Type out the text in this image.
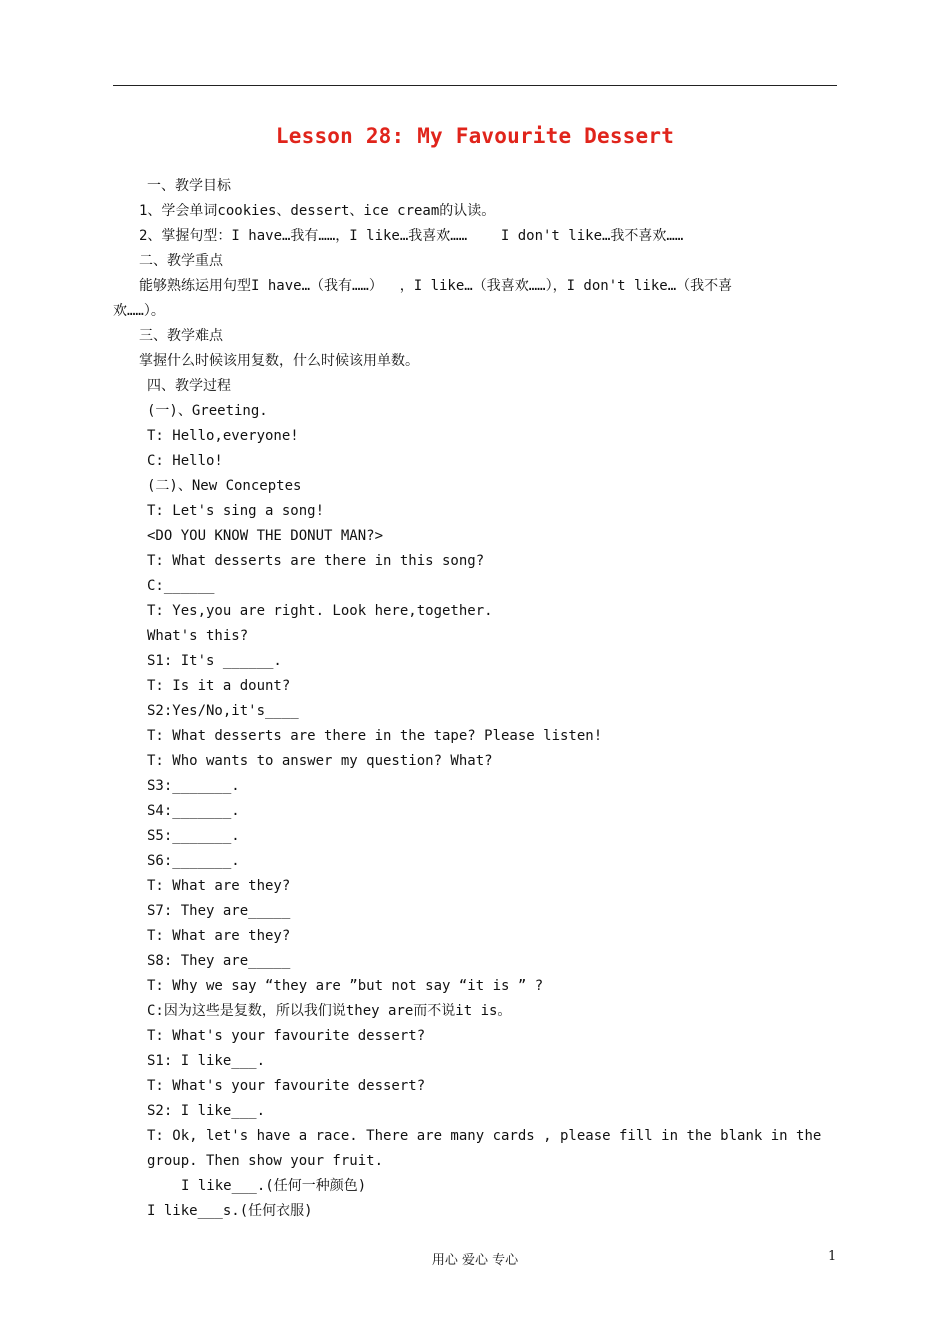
Lesson 28: My Favourite Dessert
一、教学目标
1、学会单词cookies、dessert、ice cream的认读。
2、掌握句型：I have…我有……，I like…我喜欢……    I don't like…我不喜欢……
二、教学重点
能够熟练运用句型I have…（我有……）  ，I like…（我喜欢……），I don't like…（我不喜
欢……）。
三、教学难点
掌握什么时候该用复数，什么时候该用单数。
四、教学过程
(一)、Greeting.
T: Hello,everyone!
C: Hello!
(二)、New Conceptes
T: Let's sing a song!
<DO YOU KNOW THE DONUT MAN?>
T: What desserts are there in this song?
C:______
T: Yes,you are right. Look here,together.
What's this?
S1: It's ______.
T: Is it a dount?
S2:Yes/No,it's____
T: What desserts are there in the tape? Please listen!
T: Who wants to answer my question? What?
S3:_______.
S4:_______.
S5:_______.
S6:_______.
T: What are they?
S7: They are_____
T: What are they?
S8: They are_____
T: Why we say “they are ”but not say “it is ” ?
C:因为这些是复数，所以我们说they are而不说it is。
T: What's your favourite dessert?
S1: I like___.
T: What's your favourite dessert?
S2: I like___.
T: Ok, let's have a race. There are many cards , please fill in the blank in the
group. Then show your fruit.
I like___.(任何一种颜色)
I like___s.(任何衣服)
用心 爱心 专心	1
